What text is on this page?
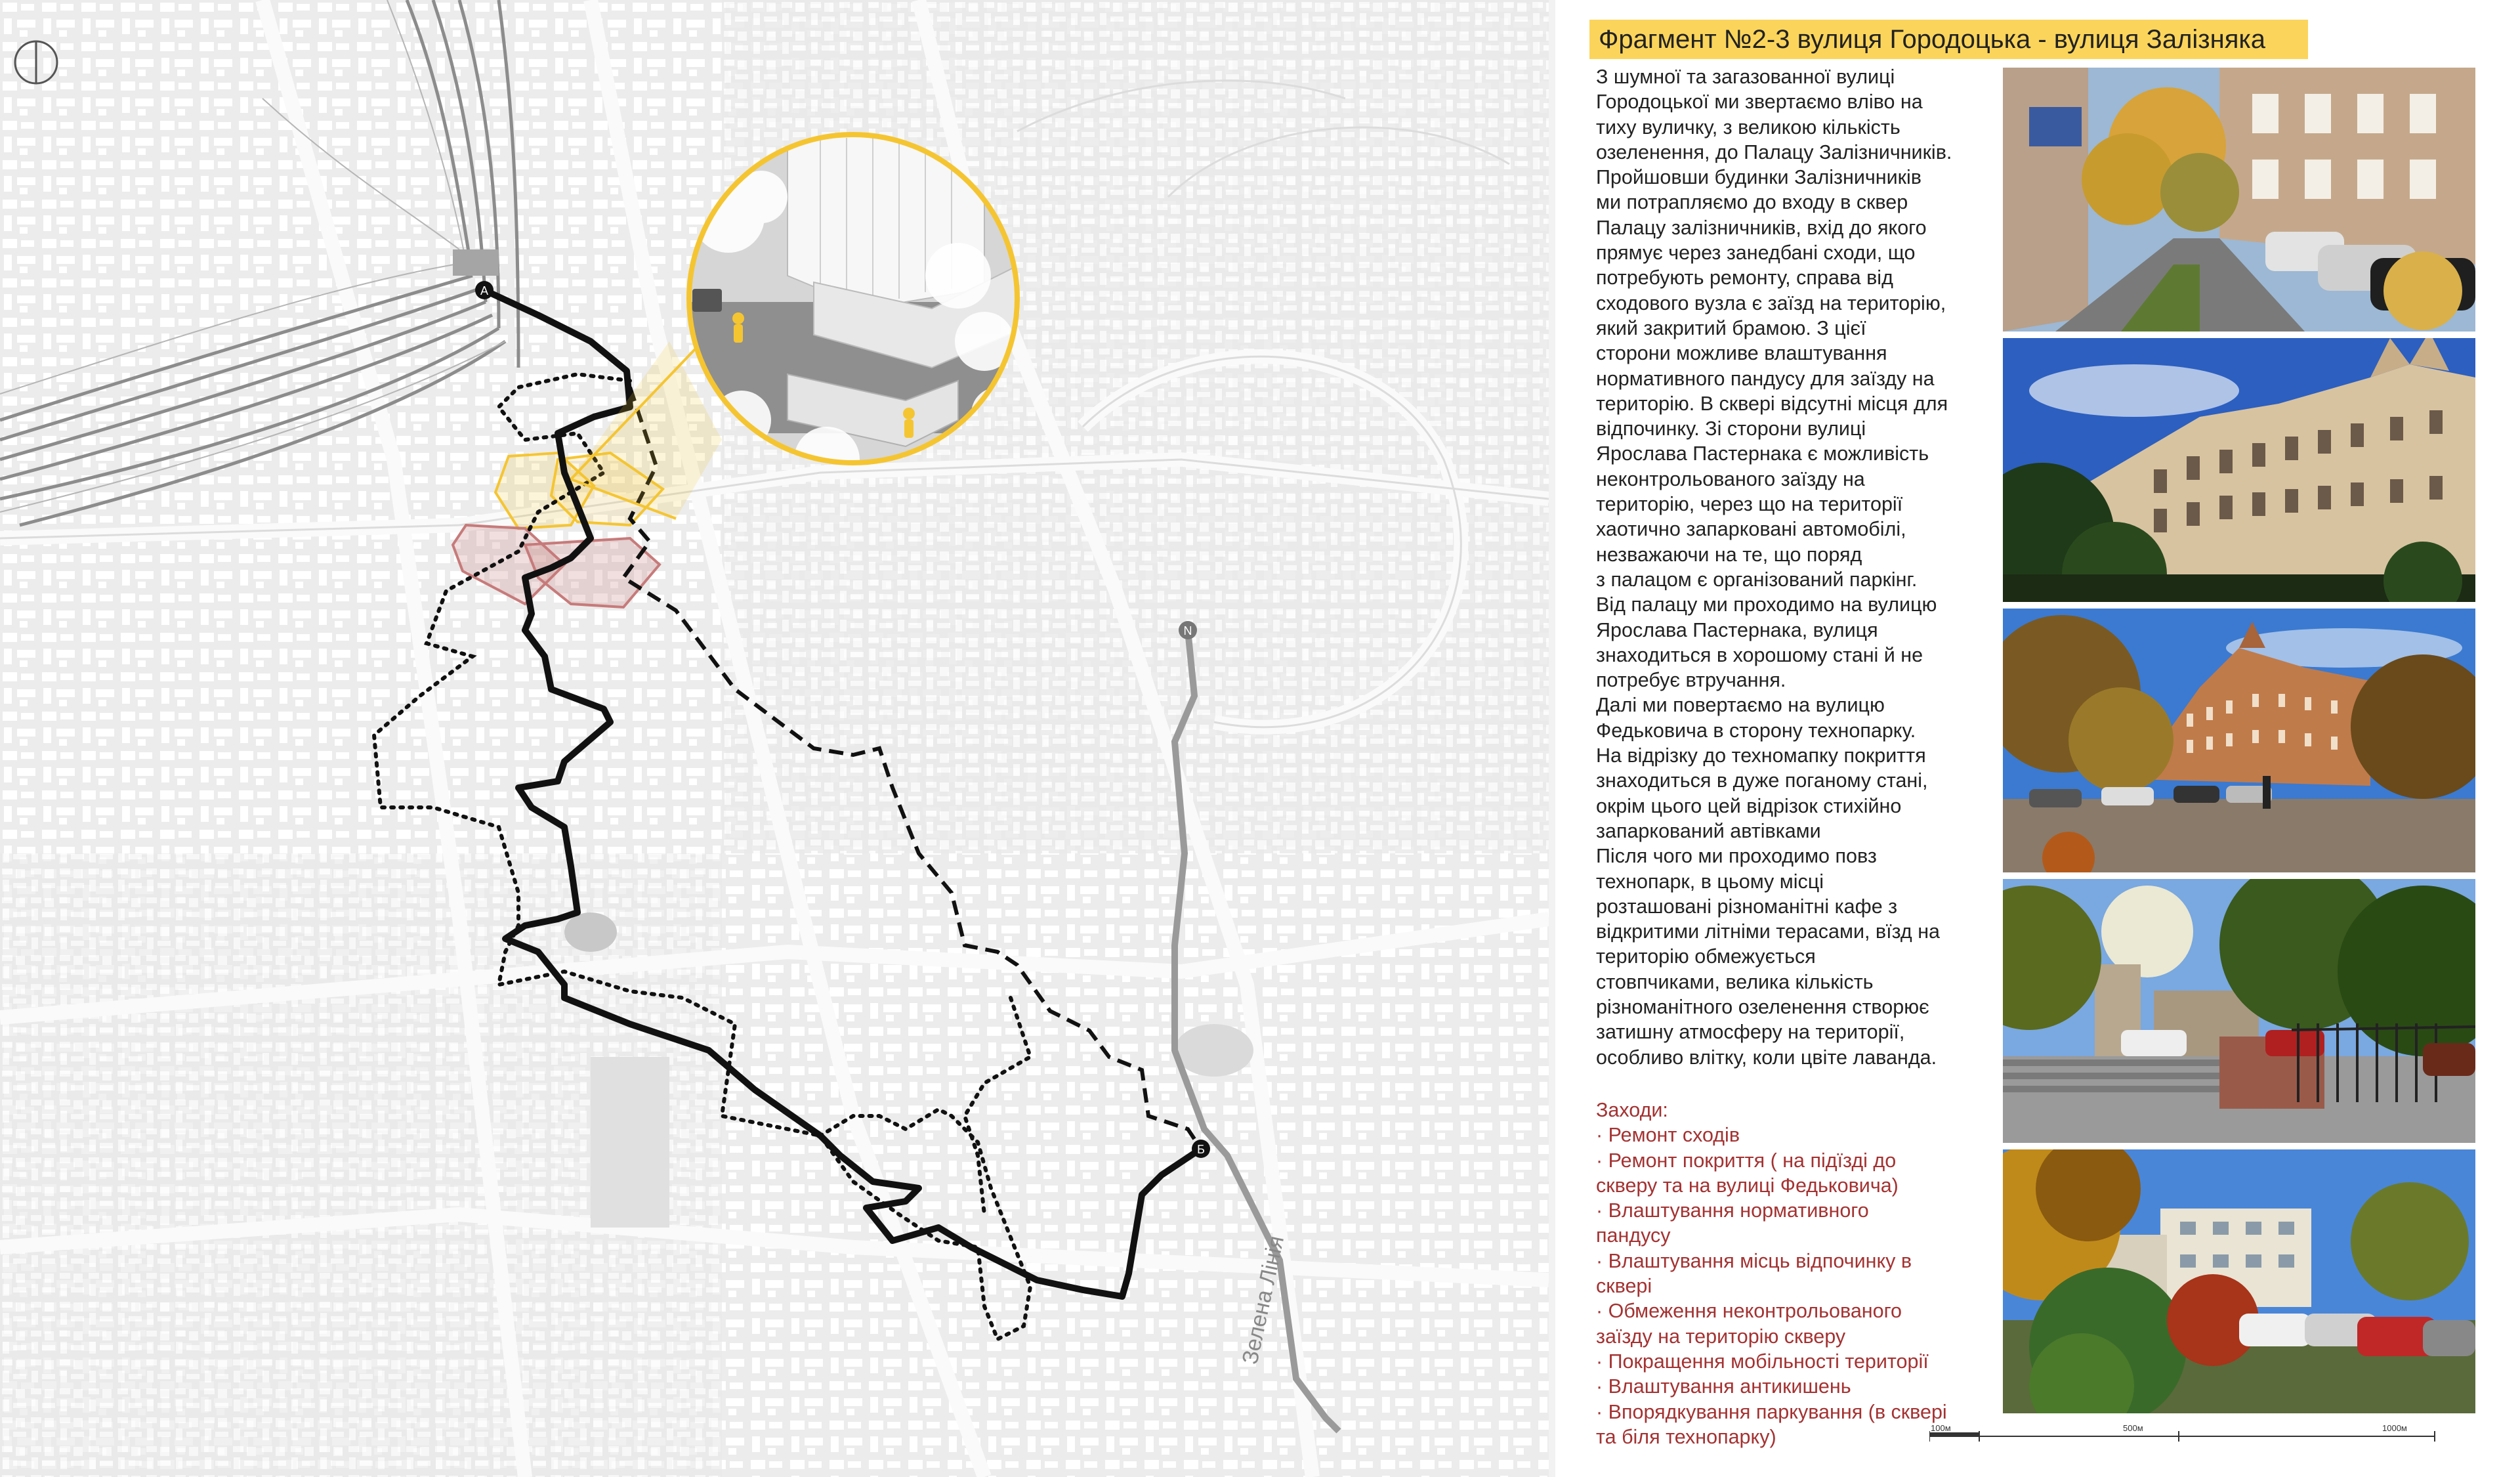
А
Б
N
Зелена Лінія
Фрагмент №2-3 вулиця Городоцька - вулиця Залізняка

З шумної та загазованної вулиці

Городоцької ми звертаємо вліво на

тиху вуличку, з великою кількість

озеленення, до Палацу Залізничників.

Пройшовши будинки Залізничників

ми потрапляємо до входу в сквер

Палацу залізничників, вхід до якого

прямує через занедбані сходи, що

потребують ремонту, справа від

сходового вузла є заїзд на територію,

який закритий брамою. З цієї

сторони можливе влаштування

нормативного пандусу для заїзду на

територію. В сквері відсутні місця для

відпочинку. Зі сторони вулиці

Ярослава Пастернака є можливість

неконтрольованого заїзду на

територію, через що на території

хаотично запарковані автомобілі,

незважаючи на те, що поряд

з палацом є організований паркінг.

Від палацу ми проходимо на вулицю

Ярослава Пастернака, вулиця

знаходиться в хорошому стані й не

потребує втручання.

Далі ми повертаємо на вулицю

Федьковича в сторону технопарку.

На відрізку до техномапку покриття

знаходиться в дуже поганому стані,

окрім цього цей відрізок стихійно

запаркований автівками

Після чого ми проходимо повз

технопарк, в цьому місці

розташовані різноманітні кафе з

відкритими літніми терасами, вїзд на

територію обмежується

стовпчиками, велика кількість

різноманітного озеленення створює

затишну атмосферу на території,

особливо влітку, коли цвіте лаванда.

Заходи:
· Ремонт сходів
· Ремонт покриття ( на підїзді до
скверу та на вулиці Федьковича)
· Влаштування нормативного
пандусу
· Влаштування місць відпочинку в
сквері
· Обмеження неконтрольованого
заїзду на територію скверу
· Покращення мобільності території
· Влаштування антикишень
· Впорядкування паркування (в сквері
та біля технопарку)	100м	500м	1000м
